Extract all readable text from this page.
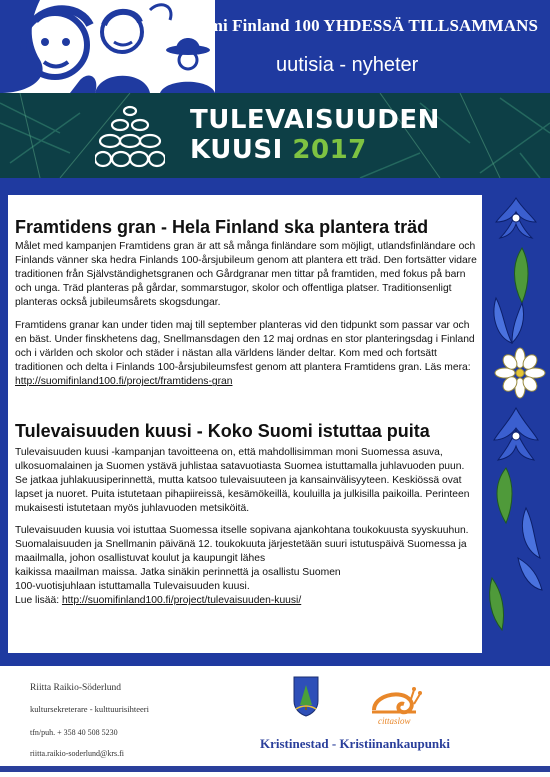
Suomi Finland 100 YHDESSÄ TILLSAMMANS
uutisia - nyheter
TULEVAISUUDEN
KUUSI 2017
Framtidens gran - Hela Finland ska plantera träd

Målet med kampanjen Framtidens gran är att så många finländare som möjligt, utlandsfinländare och Finlands vänner ska hedra Finlands 100-årsjubileum genom att plantera ett träd. Den fortsätter vidare traditionen från Självständighetsgranen och Gårdgranar men tittar på framtiden, med fokus på barn och unga. Träd planteras på gårdar, sommarstugor, skolor och offentliga platser. Traditionsenligt planteras också jubileumsårets skogsdungar.

Framtidens granar kan under tiden maj till september planteras vid den tidpunkt som passar var och en bäst. Under finskhetens dag, Snellmansdagen den 12 maj ordnas en stor planteringsdag i Finland och i världen och skolor och städer i nästan alla världens länder deltar. Kom med och fortsätt traditionen och delta i Finlands 100-årsjubileumsfest genom att plantera Framtidens gran. Läs mera: http://suomifinland100.fi/project/framtidens-gran

Tulevaisuuden kuusi - Koko Suomi istuttaa puita

Tulevaisuuden kuusi -kampanjan tavoitteena on, että mahdollisimman moni Suomessa asuva, ulkosuomalainen ja Suomen ystävä juhlistaa satavuotiasta Suomea istuttamalla juhlavuoden puun. Se jatkaa juhlakuusiperinnettä, mutta katsoo tulevaisuuteen ja kansainvälisyyteen. Keskiössä ovat lapset ja nuoret. Puita istutetaan pihapiireissä, kesämökeillä, kouluilla ja julkisilla paikoilla. Perinteen mukaisesti istutetaan myös juhlavuoden metsiköitä.

Tulevaisuuden kuusia voi istuttaa Suomessa itselle sopivana ajankohtana toukokuusta syyskuuhun. Suomalaisuuden ja Snellmanin päivänä 12. toukokuuta järjestetään suuri istutuspäivä Suomessa ja maailmalla, johon osallistuvat koulut ja kaupungit lähes
kaikissa maailman maissa. Jatka sinäkin perinnettä ja osallistu Suomen
100-vuotisjuhlaan istuttamalla Tulevaisuuden kuusi.
Lue lisää: http://suomifinland100.fi/project/tulevaisuuden-kuusi/

Riitta Raikio-Söderlund

kultursekreterare - kulttuurisihteeri

tfn/puh. + 358 40 508 5230

riitta.raikio-soderlund@krs.fi

cittaslow
Kristinestad - Kristiinankaupunki
